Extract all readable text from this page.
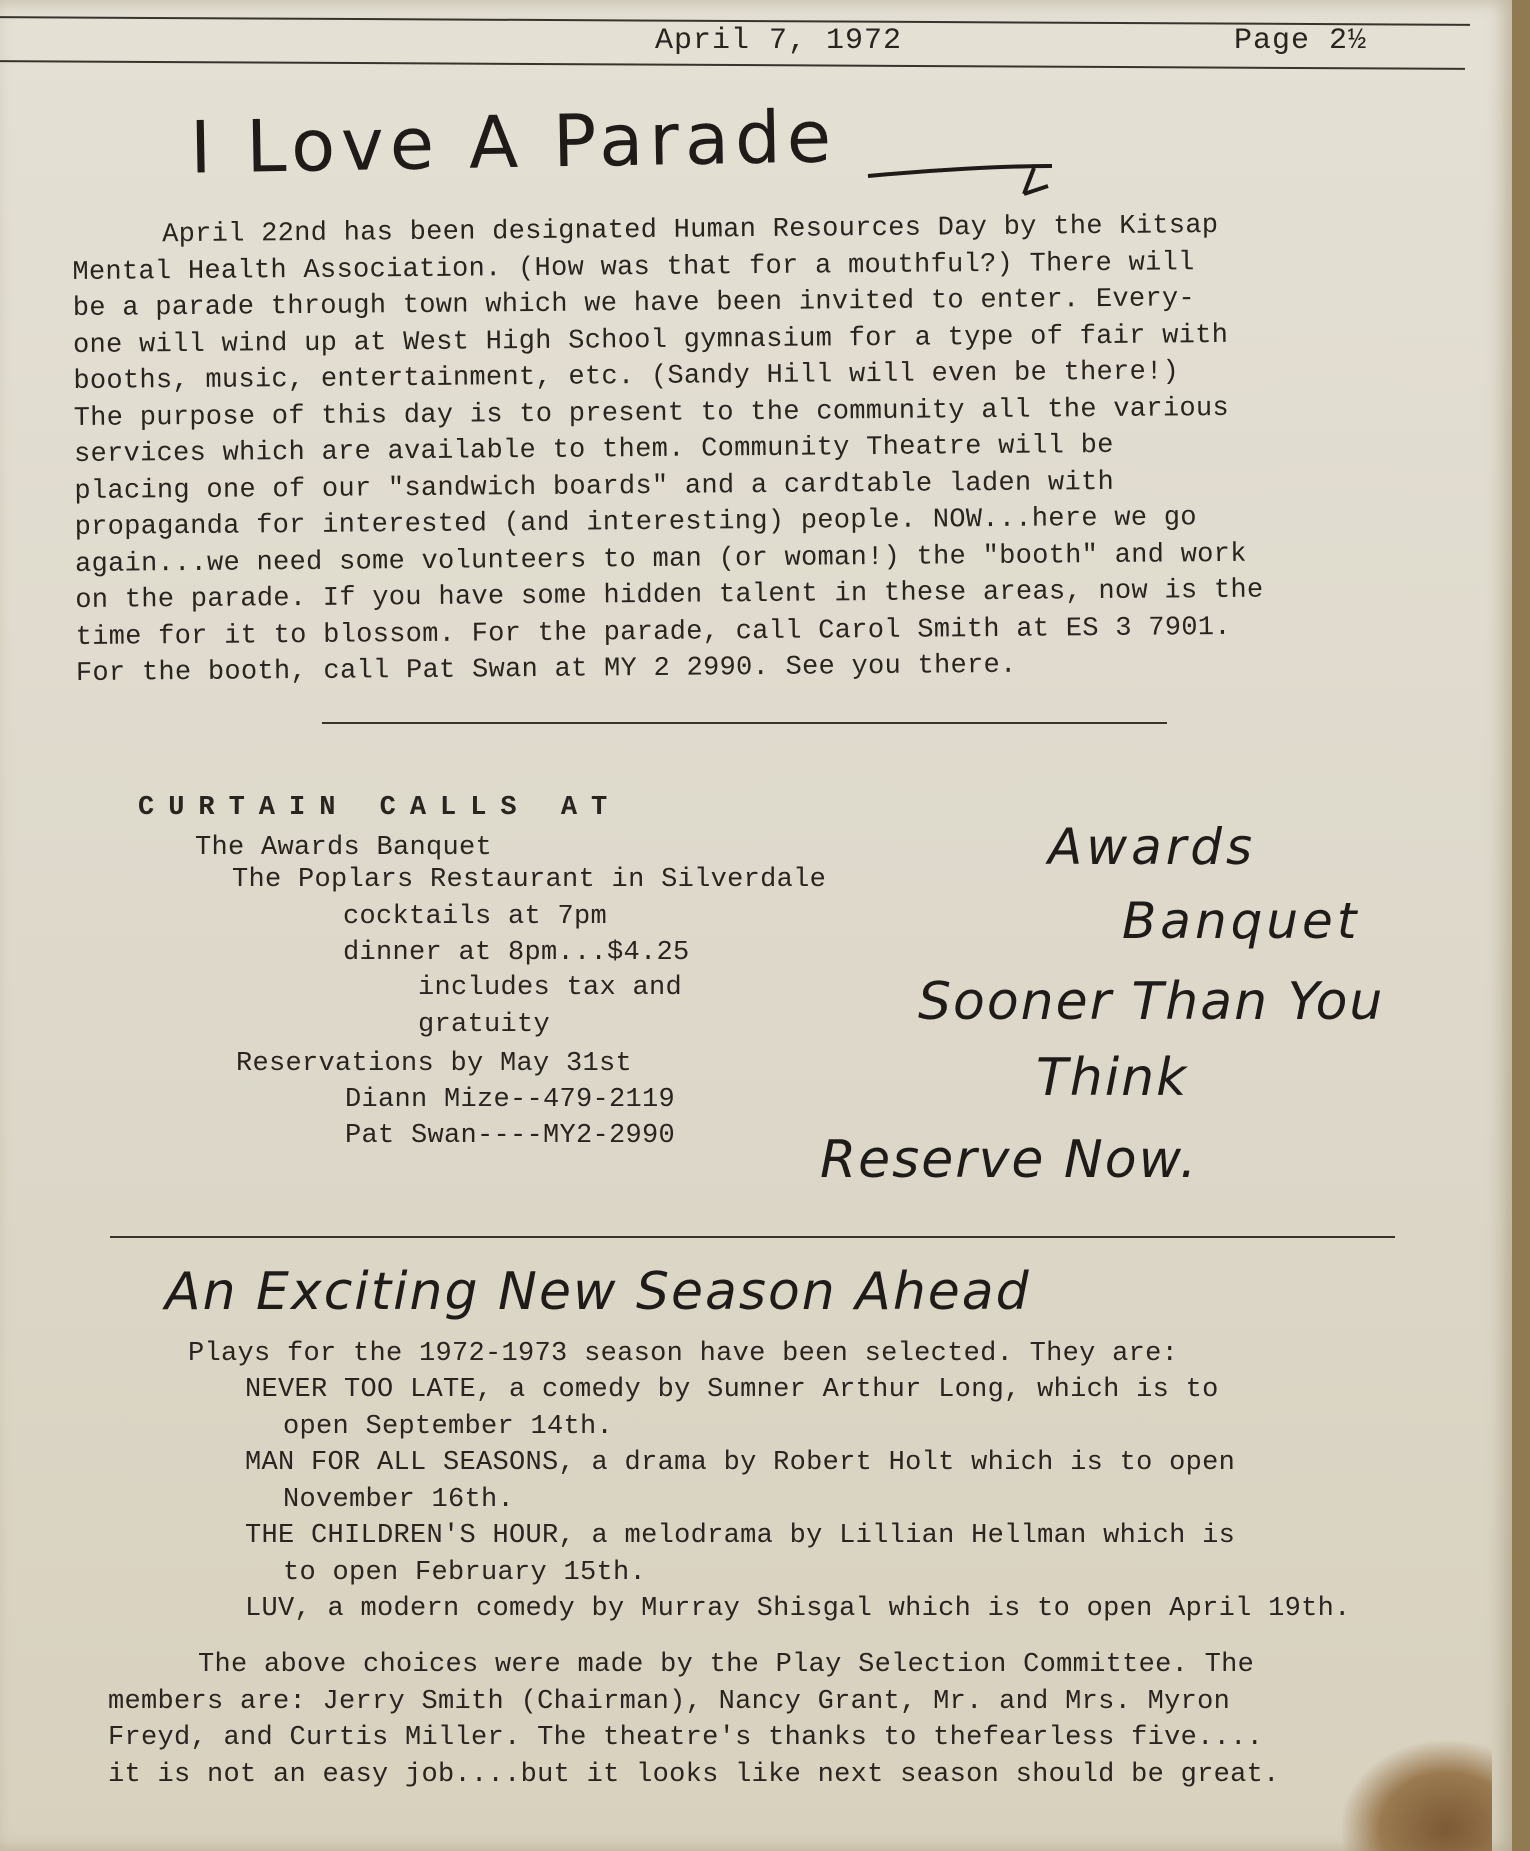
April 7, 1972	Page 2½
I Love A Parade
April 22nd has been designated Human Resources Day by the Kitsap
Mental Health Association. (How was that for a mouthful?) There will
be a parade through town which we have been invited to enter. Every-
one will wind up at West High School gymnasium for a type of fair with
booths, music, entertainment, etc. (Sandy Hill will even be there!)
The purpose of this day is to present to the community all the various
services which are available to them. Community Theatre will be
placing one of our "sandwich boards" and a cardtable laden with
propaganda for interested (and interesting) people. NOW...here we go
again...we need some volunteers to man (or woman!) the "booth" and work
on the parade. If you have some hidden talent in these areas, now is the
time for it to blossom. For the parade, call Carol Smith at ES 3 7901.
For the booth, call Pat Swan at MY 2 2990. See you there.
CURTAIN CALLS AT
The Awards Banquet
The Poplars Restaurant in Silverdale
cocktails at 7pm
dinner at 8pm...$4.25
includes tax and
gratuity
Reservations by May 31st
Diann Mize--479-2119
Pat Swan----MY2-2990
Awards
Banquet
Sooner Than You
Think
Reserve Now.
An Exciting New Season Ahead
Plays for the 1972-1973 season have been selected. They are:
NEVER TOO LATE, a comedy by Sumner Arthur Long, which is to
open September 14th.
MAN FOR ALL SEASONS, a drama by Robert Holt which is to open
November 16th.
THE CHILDREN'S HOUR, a melodrama by Lillian Hellman which is
to open February 15th.
LUV, a modern comedy by Murray Shisgal which is to open April 19th.
The above choices were made by the Play Selection Committee. The
members are: Jerry Smith (Chairman), Nancy Grant, Mr. and Mrs. Myron
Freyd, and Curtis Miller. The theatre's thanks to thefearless five....
it is not an easy job....but it looks like next season should be great.
